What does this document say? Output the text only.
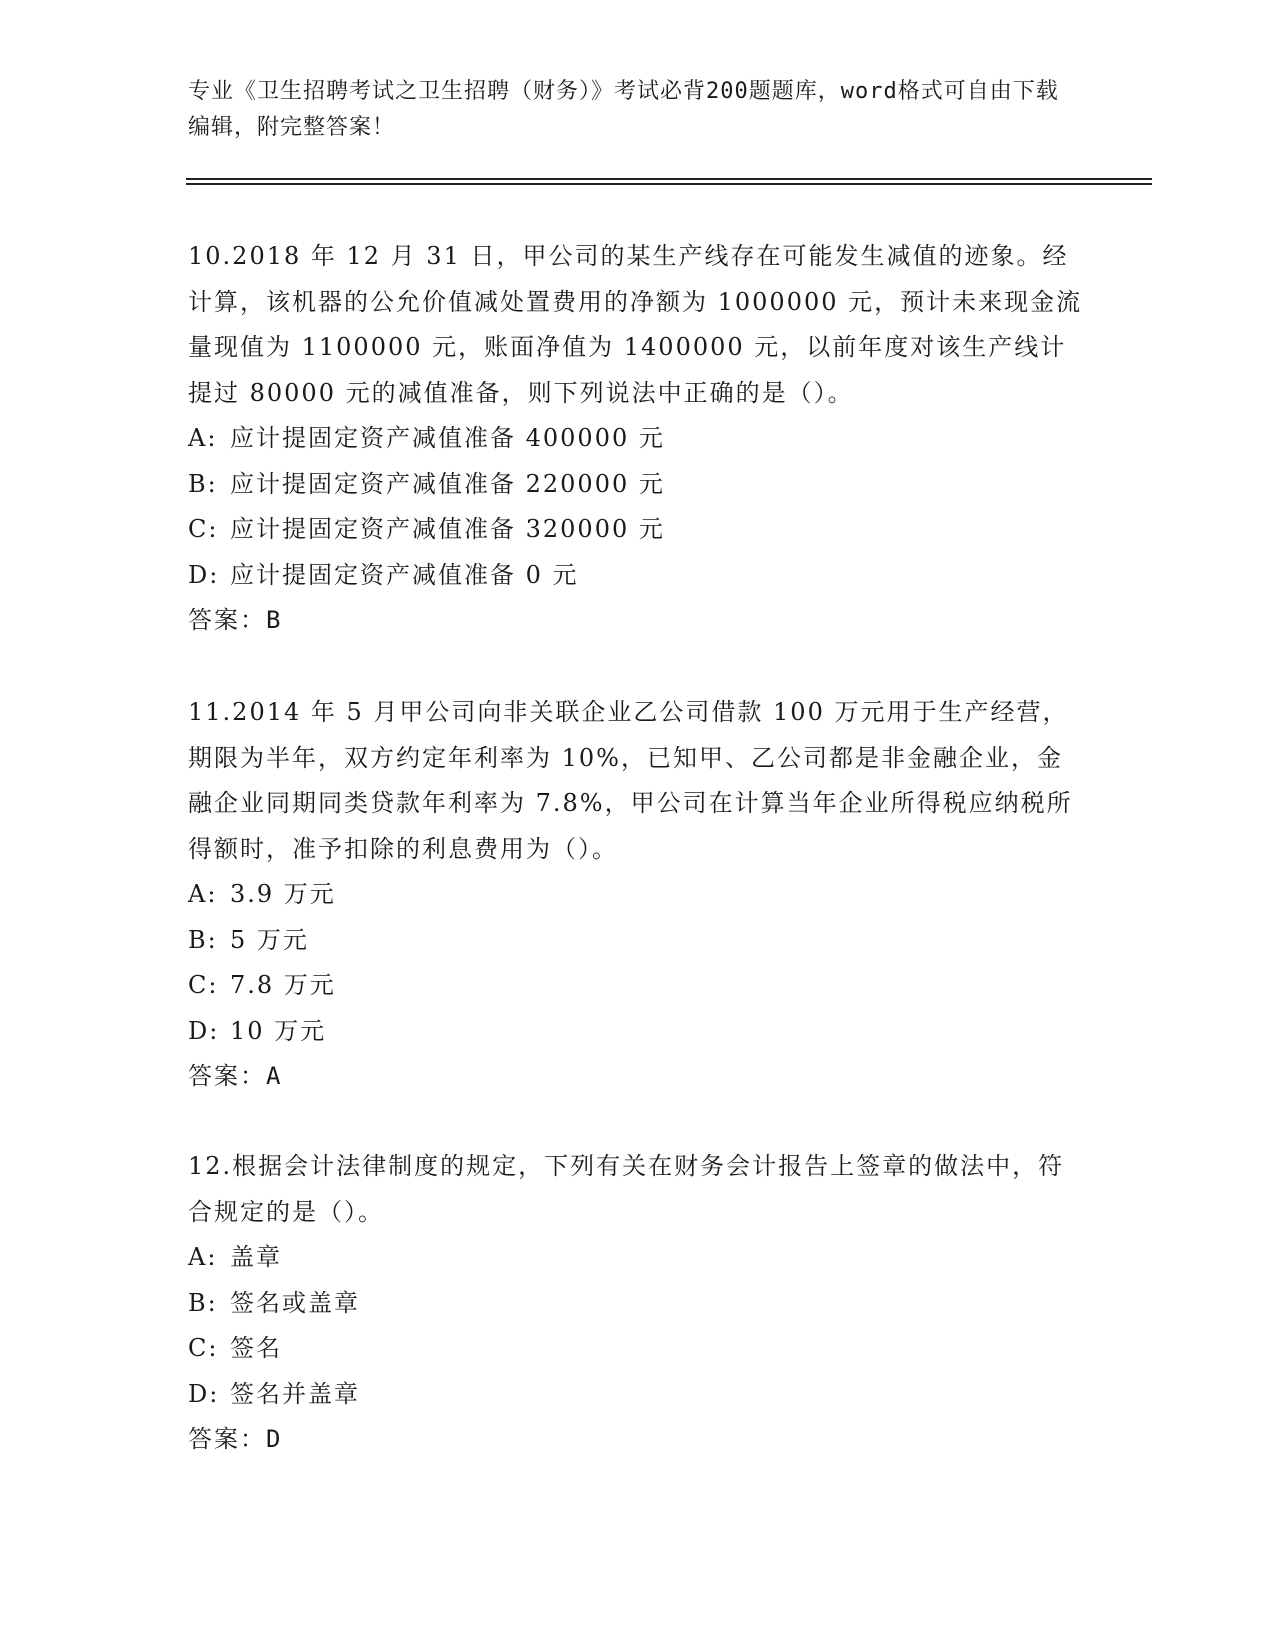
专业《卫生招聘考试之卫生招聘（财务）》考试必背200题题库，word格式可自由下载编辑，附完整答案！

10.2018 年 12 月 31 日，甲公司的某生产线存在可能发生减值的迹象。经计算，该机器的公允价值减处置费用的净额为 1000000 元，预计未来现金流量现值为 1100000 元，账面净值为 1400000 元，以前年度对该生产线计提过 80000 元的减值准备，则下列说法中正确的是（）。

A: 应计提固定资产减值准备 400000 元

B: 应计提固定资产减值准备 220000 元

C: 应计提固定资产减值准备 320000 元

D: 应计提固定资产减值准备 0 元

答案：B

11.2014 年 5 月甲公司向非关联企业乙公司借款 100 万元用于生产经营，期限为半年，双方约定年利率为 10%，已知甲、乙公司都是非金融企业，金融企业同期同类贷款年利率为 7.8%，甲公司在计算当年企业所得税应纳税所得额时，准予扣除的利息费用为（）。

A: 3.9 万元

B: 5 万元

C: 7.8 万元

D: 10 万元

答案：A

12.根据会计法律制度的规定，下列有关在财务会计报告上签章的做法中，符合规定的是（）。

A: 盖章

B: 签名或盖章

C: 签名

D: 签名并盖章

答案：D
